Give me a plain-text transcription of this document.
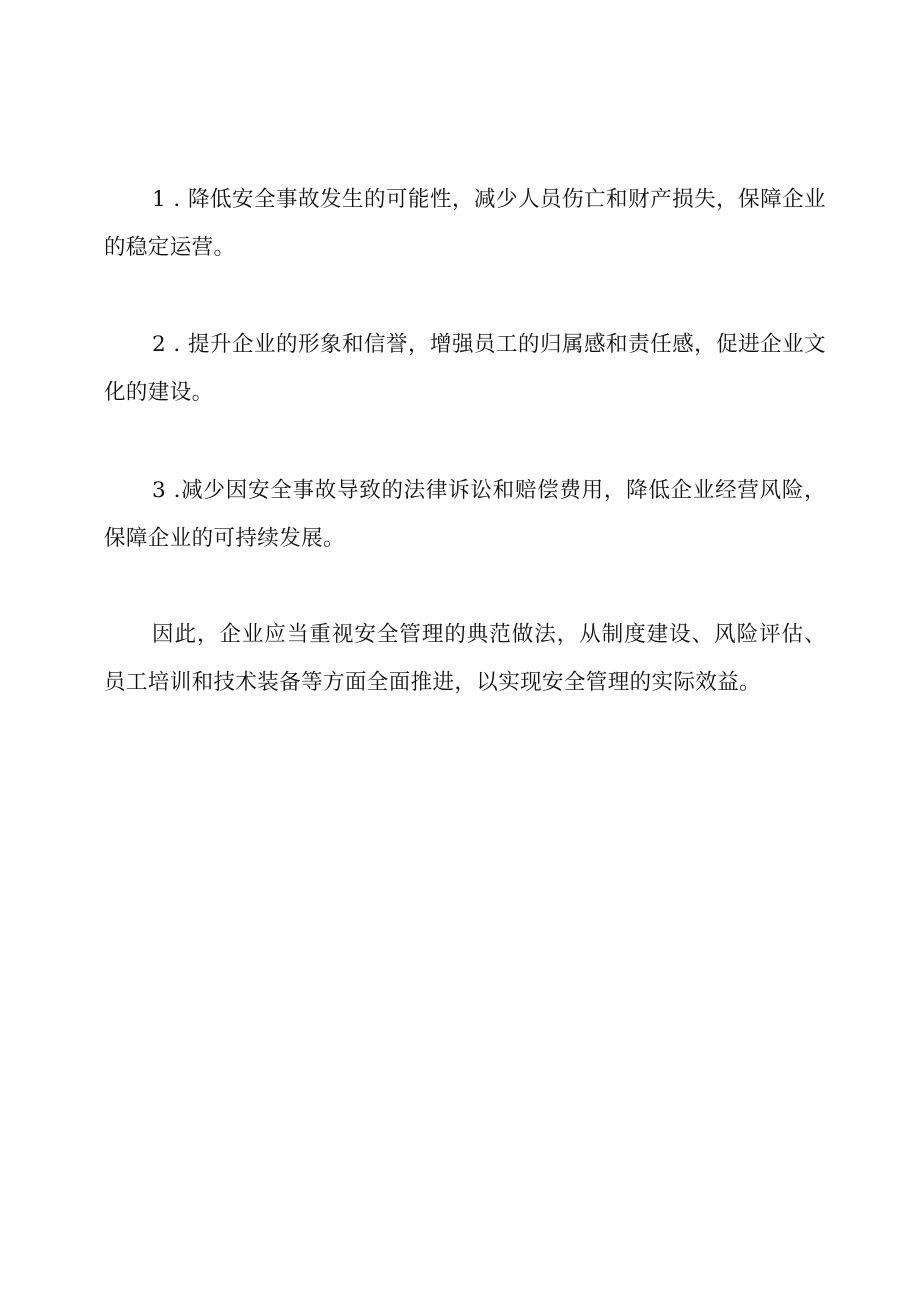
1 . 降低安全事故发生的可能性，减少人员伤亡和财产损失，保障企业的稳定运营。

2 . 提升企业的形象和信誉，增强员工的归属感和责任感，促进企业文化的建设。

3 .减少因安全事故导致的法律诉讼和赔偿费用，降低企业经营风险，保障企业的可持续发展。

因此，企业应当重视安全管理的典范做法，从制度建设、风险评估、员工培训和技术装备等方面全面推进，以实现安全管理的实际效益。
